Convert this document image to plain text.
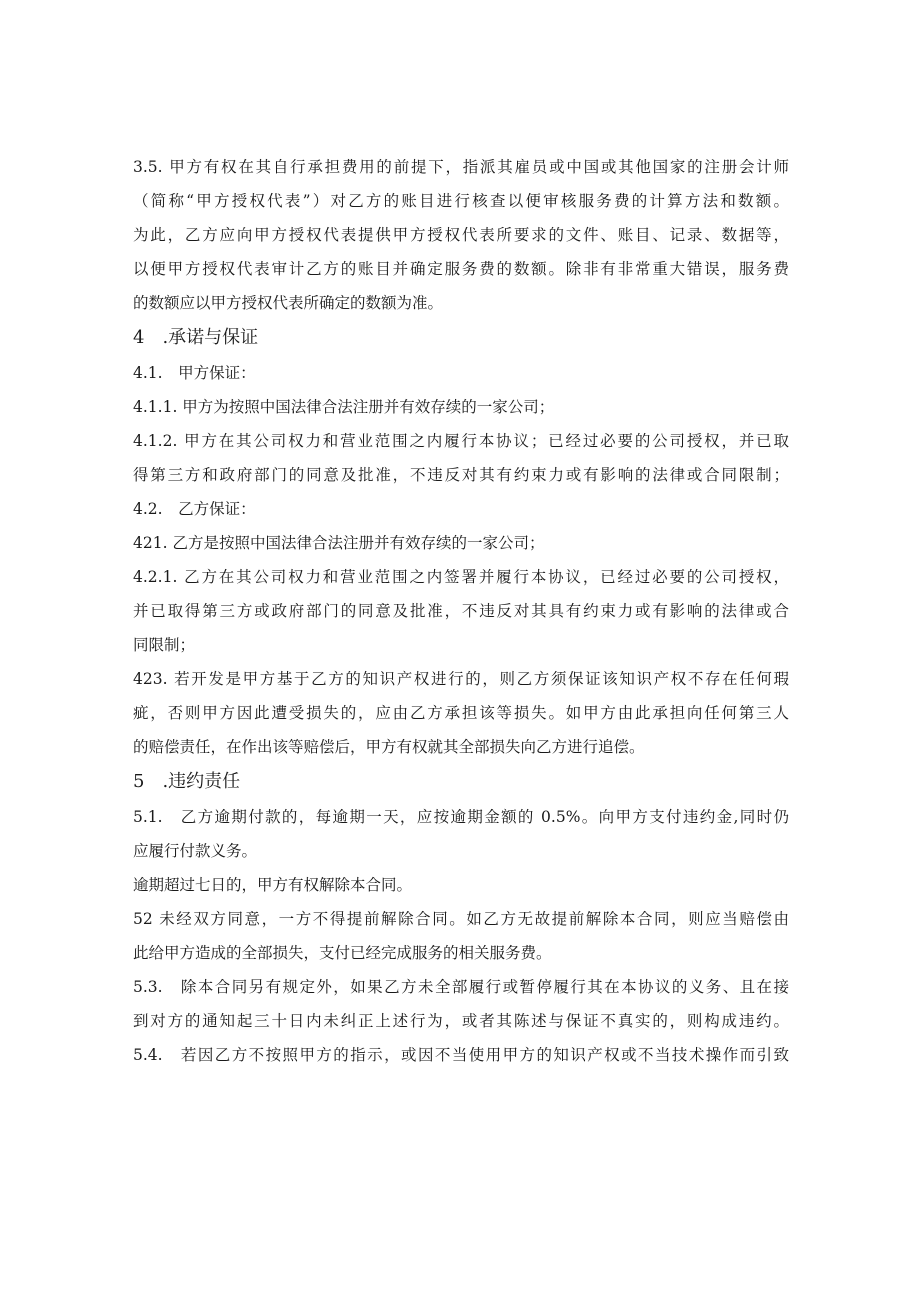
3.5. 甲方有权在其自行承担费用的前提下，指派其雇员或中国或其他国家的注册会计师
（简称“甲方授权代表”）对乙方的账目进行核查以便审核服务费的计算方法和数额。
为此，乙方应向甲方授权代表提供甲方授权代表所要求的文件、账目、记录、数据等，
以便甲方授权代表审计乙方的账目并确定服务费的数额。除非有非常重大错误，服务费
的数额应以甲方授权代表所确定的数额为准。
4　.承诺与保证
4.1.　甲方保证：
4.1.1. 甲方为按照中国法律合法注册并有效存续的一家公司；
4.1.2. 甲方在其公司权力和营业范围之内履行本协议；已经过必要的公司授权，并已取
得第三方和政府部门的同意及批准，不违反对其有约束力或有影响的法律或合同限制；
4.2.　乙方保证：
421. 乙方是按照中国法律合法注册并有效存续的一家公司；
4.2.1. 乙方在其公司权力和营业范围之内签署并履行本协议，已经过必要的公司授权，
并已取得第三方或政府部门的同意及批准，不违反对其具有约束力或有影响的法律或合
同限制；
423. 若开发是甲方基于乙方的知识产权进行的，则乙方须保证该知识产权不存在任何瑕
疵，否则甲方因此遭受损失的，应由乙方承担该等损失。如甲方由此承担向任何第三人
的赔偿责任，在作出该等赔偿后，甲方有权就其全部损失向乙方进行追偿。
5　.违约责任
5.1.　乙方逾期付款的，每逾期一天，应按逾期金额的 0.5%。向甲方支付违约金,同时仍
应履行付款义务。
逾期超过七日的，甲方有权解除本合同。
52 未经双方同意，一方不得提前解除合同。如乙方无故提前解除本合同，则应当赔偿由
此给甲方造成的全部损失，支付已经完成服务的相关服务费。
5.3.　除本合同另有规定外，如果乙方未全部履行或暂停履行其在本协议的义务、且在接
到对方的通知起三十日内未纠正上述行为，或者其陈述与保证不真实的，则构成违约。
5.4.　若因乙方不按照甲方的指示，或因不当使用甲方的知识产权或不当技术操作而引致
